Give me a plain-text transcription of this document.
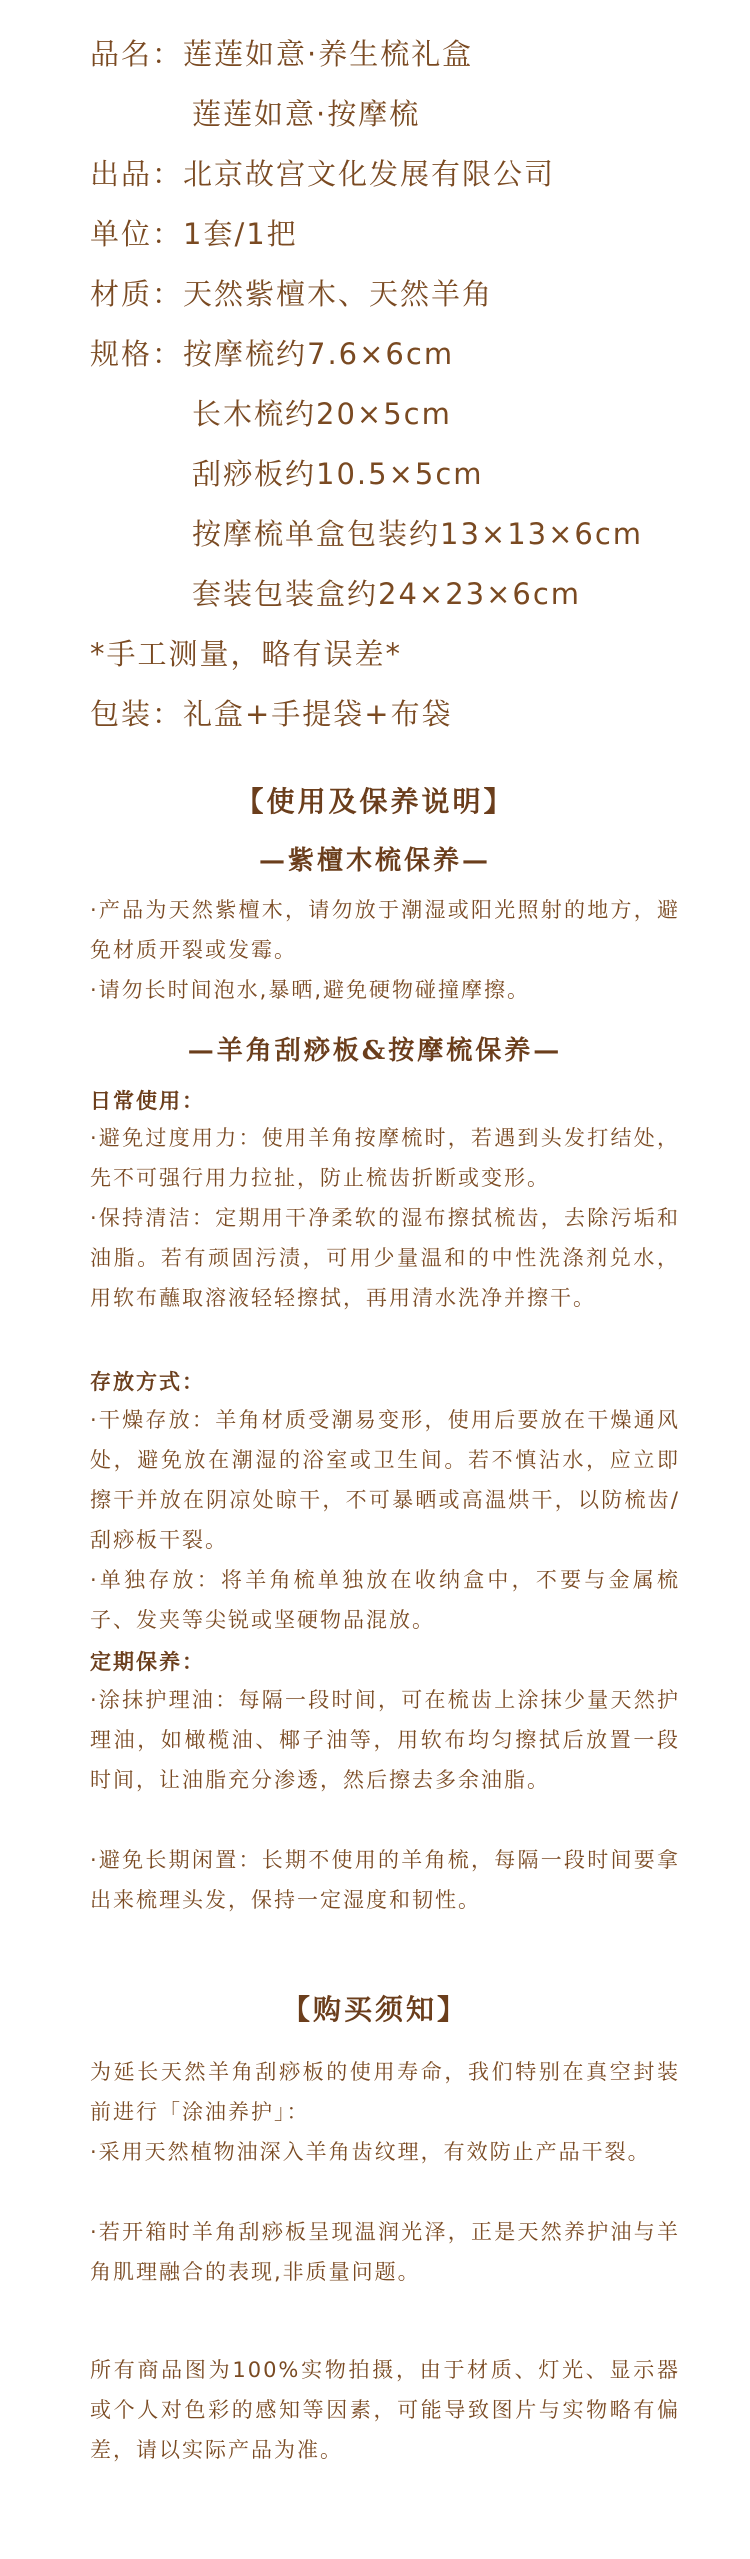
品名：莲莲如意·养生梳礼盒
莲莲如意·按摩梳
出品：北京故宫文化发展有限公司
单位：1套/1把
材质：天然紫檀木、天然羊角
规格：按摩梳约7.6×6cm
长木梳约20×5cm
刮痧板约10.5×5cm
按摩梳单盒包装约13×13×6cm
套装包装盒约24×23×6cm
*手工测量，略有误差*
包装：礼盒+手提袋+布袋
【使用及保养说明】
—紫檀木梳保养—
·产品为天然紫檀木，请勿放于潮湿或阳光照射的地方，避免材质开裂或发霉。
·请勿长时间泡水,暴晒,避免硬物碰撞摩擦。
—羊角刮痧板&按摩梳保养—
日常使用：
·避免过度用力：使用羊角按摩梳时，若遇到头发打结处，先不可强行用力拉扯，防止梳齿折断或变形。
·保持清洁：定期用干净柔软的湿布擦拭梳齿，去除污垢和油脂。若有顽固污渍，可用少量温和的中性洗涤剂兑水，用软布蘸取溶液轻轻擦拭，再用清水洗净并擦干。
存放方式：
·干燥存放：羊角材质受潮易变形，使用后要放在干燥通风处，避免放在潮湿的浴室或卫生间。若不慎沾水，应立即擦干并放在阴凉处晾干，不可暴晒或高温烘干，以防梳齿/刮痧板干裂。
·单独存放：将羊角梳单独放在收纳盒中，不要与金属梳子、发夹等尖锐或坚硬物品混放。
定期保养：
·涂抹护理油：每隔一段时间，可在梳齿上涂抹少量天然护理油，如橄榄油、椰子油等，用软布均匀擦拭后放置一段时间，让油脂充分渗透，然后擦去多余油脂。
·避免长期闲置：长期不使用的羊角梳，每隔一段时间要拿出来梳理头发，保持一定湿度和韧性。
【购买须知】
为延长天然羊角刮痧板的使用寿命，我们特别在真空封装前进行「涂油养护」：
·采用天然植物油深入羊角齿纹理，有效防止产品干裂。
·若开箱时羊角刮痧板呈现温润光泽，正是天然养护油与羊角肌理融合的表现,非质量问题。
所有商品图为100%实物拍摄，由于材质、灯光、显示器或个人对色彩的感知等因素，可能导致图片与实物略有偏差，请以实际产品为准。
